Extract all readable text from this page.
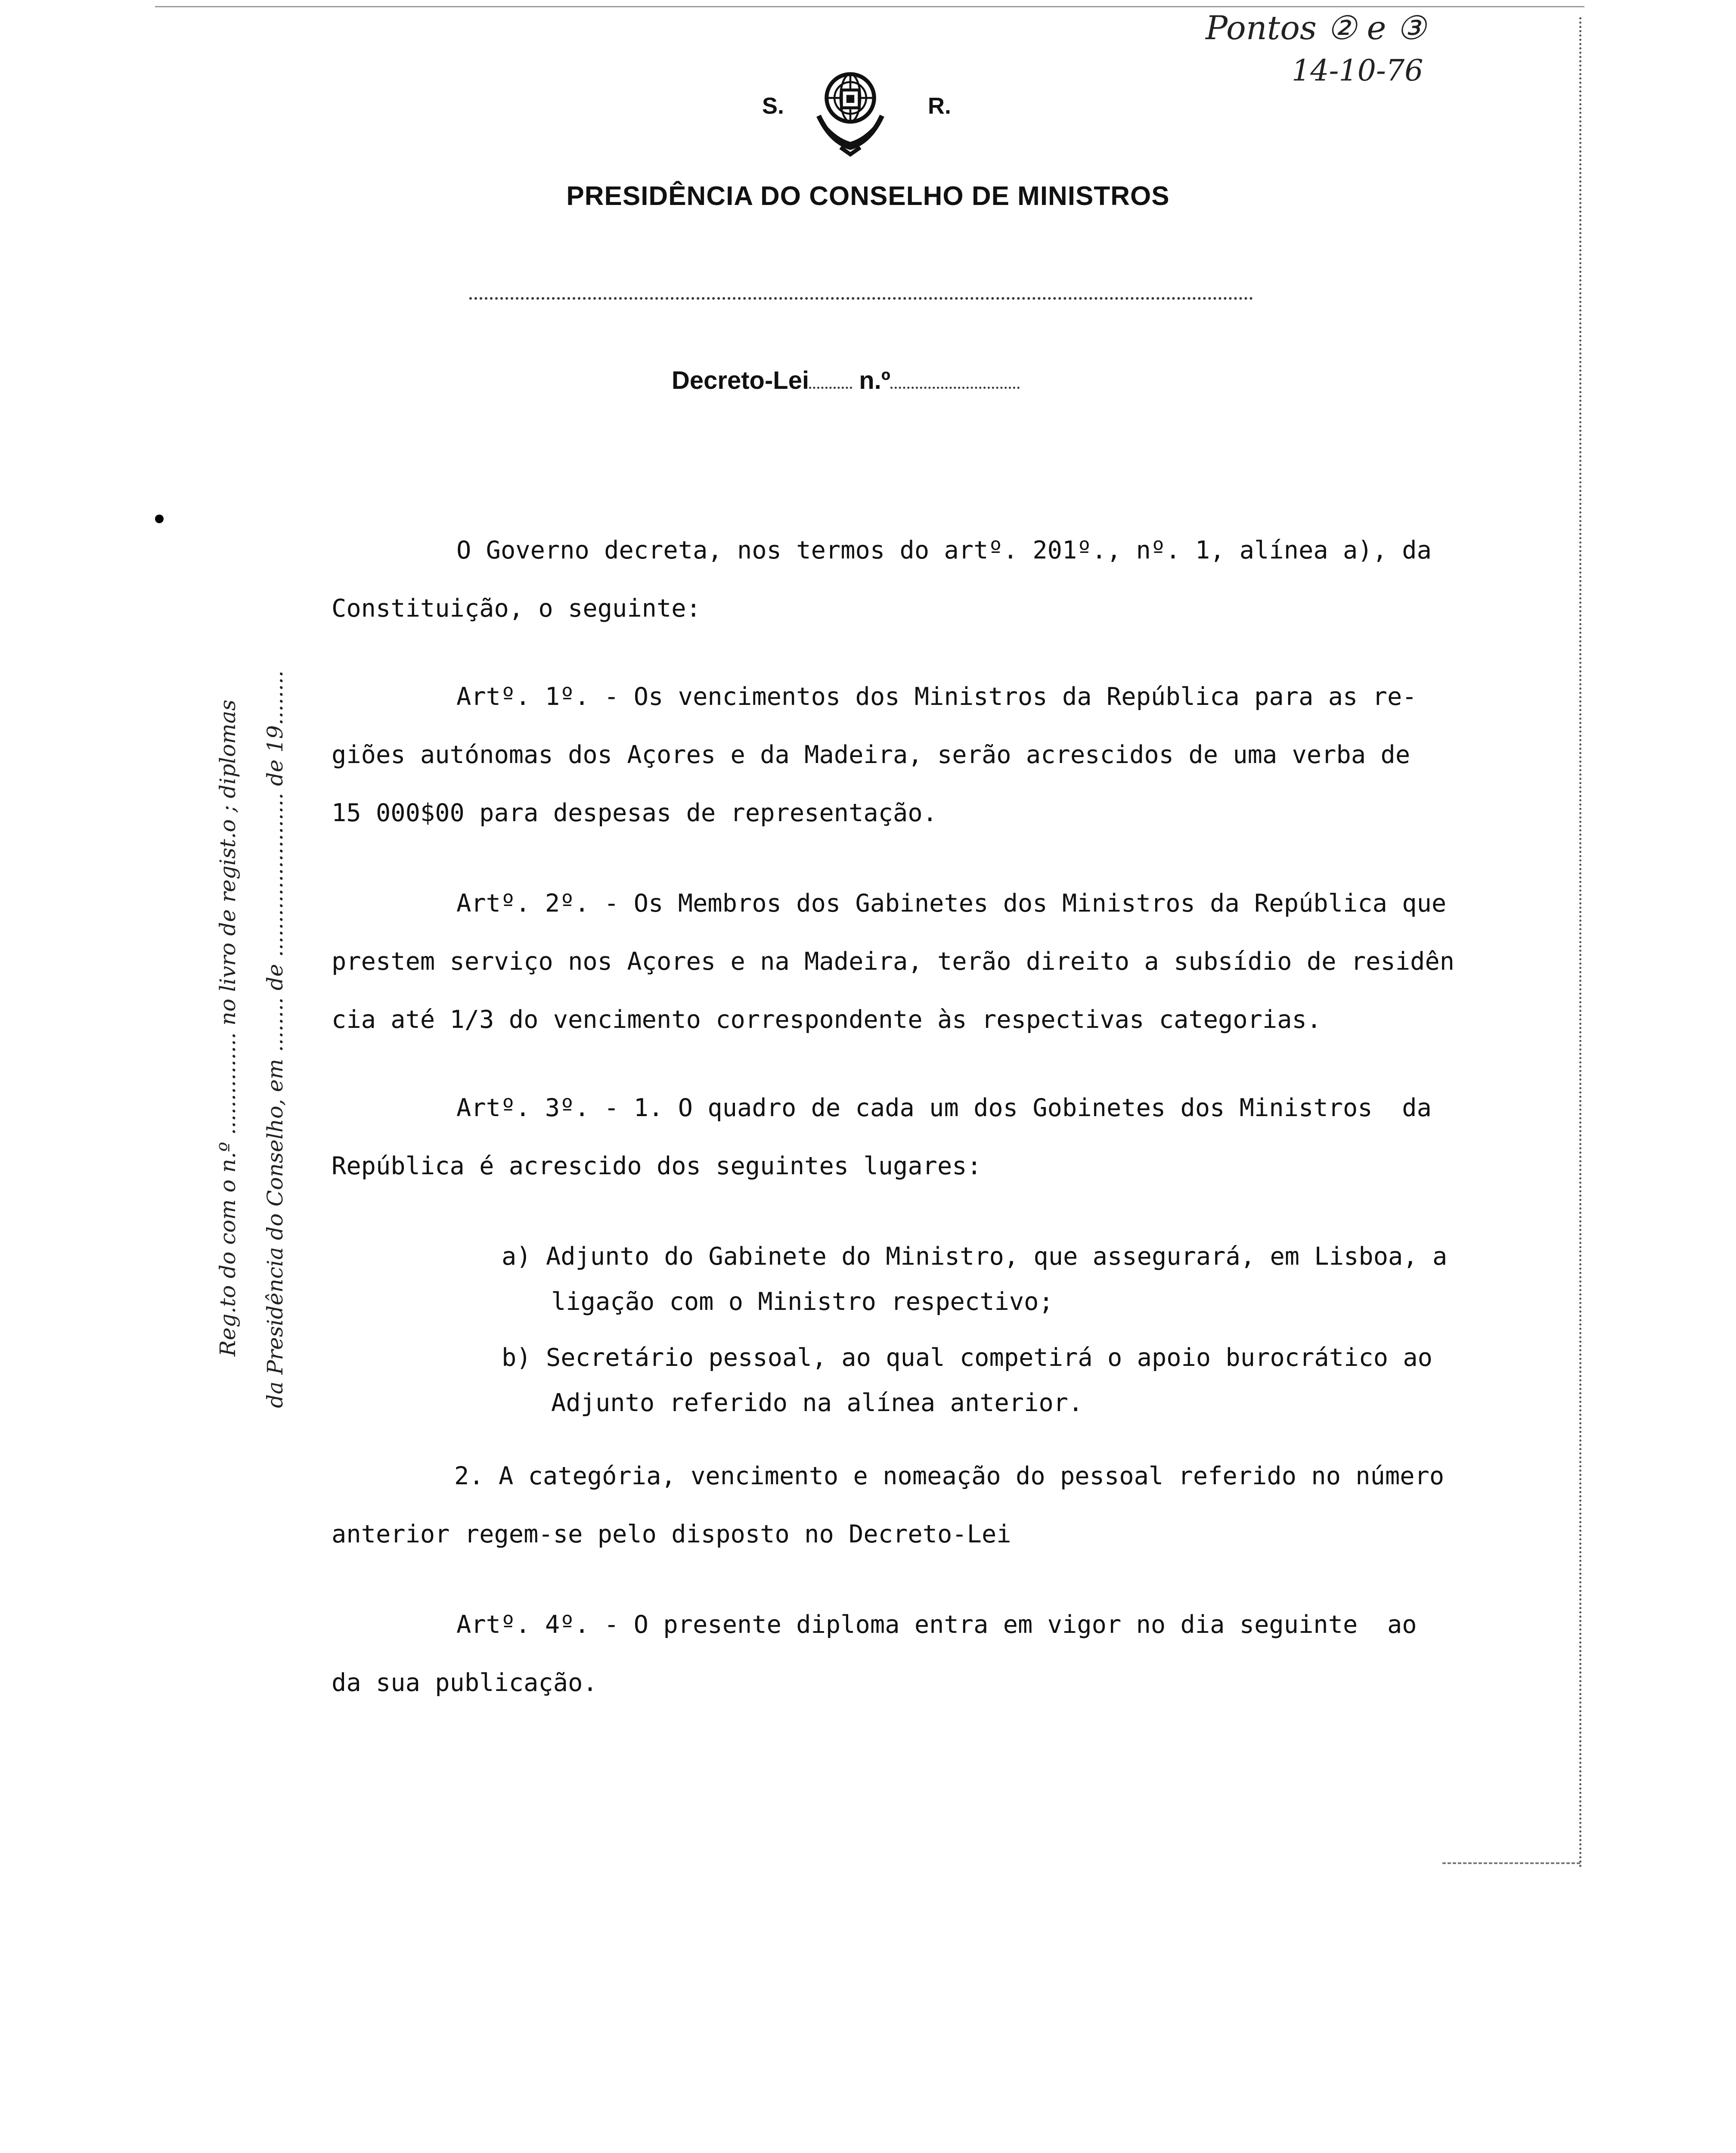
Pontos ② e ③
14-10-76
S.	R.
PRESIDÊNCIA DO CONSELHO DE MINISTROS
Decreto-Lei n.º
Reg.to do com o n.º ............... no livro de regist.o ; diplomas da Presidência do Conselho, em ........ de ........................ de 19........
O Governo decreta, nos termos do artº. 201º., nº. 1, alínea a), da
Constituição, o seguinte:
Artº. 1º. - Os vencimentos dos Ministros da República para as re-
giões autónomas dos Açores e da Madeira, serão acrescidos de uma verba de
15 000$00 para despesas de representação.
Artº. 2º. - Os Membros dos Gabinetes dos Ministros da República que
prestem serviço nos Açores e na Madeira, terão direito a subsídio de residên
cia até 1/3 do vencimento correspondente às respectivas categorias.
Artº. 3º. - 1. O quadro de cada um dos Gobinetes dos Ministros  da
República é acrescido dos seguintes lugares:
a) Adjunto do Gabinete do Ministro, que assegurará, em Lisboa, a
ligação com o Ministro respectivo;
b) Secretário pessoal, ao qual competirá o apoio burocrático ao
Adjunto referido na alínea anterior.
2. A categória, vencimento e nomeação do pessoal referido no número
anterior regem-se pelo disposto no Decreto-Lei
Artº. 4º. - O presente diploma entra em vigor no dia seguinte  ao
da sua publicação.
